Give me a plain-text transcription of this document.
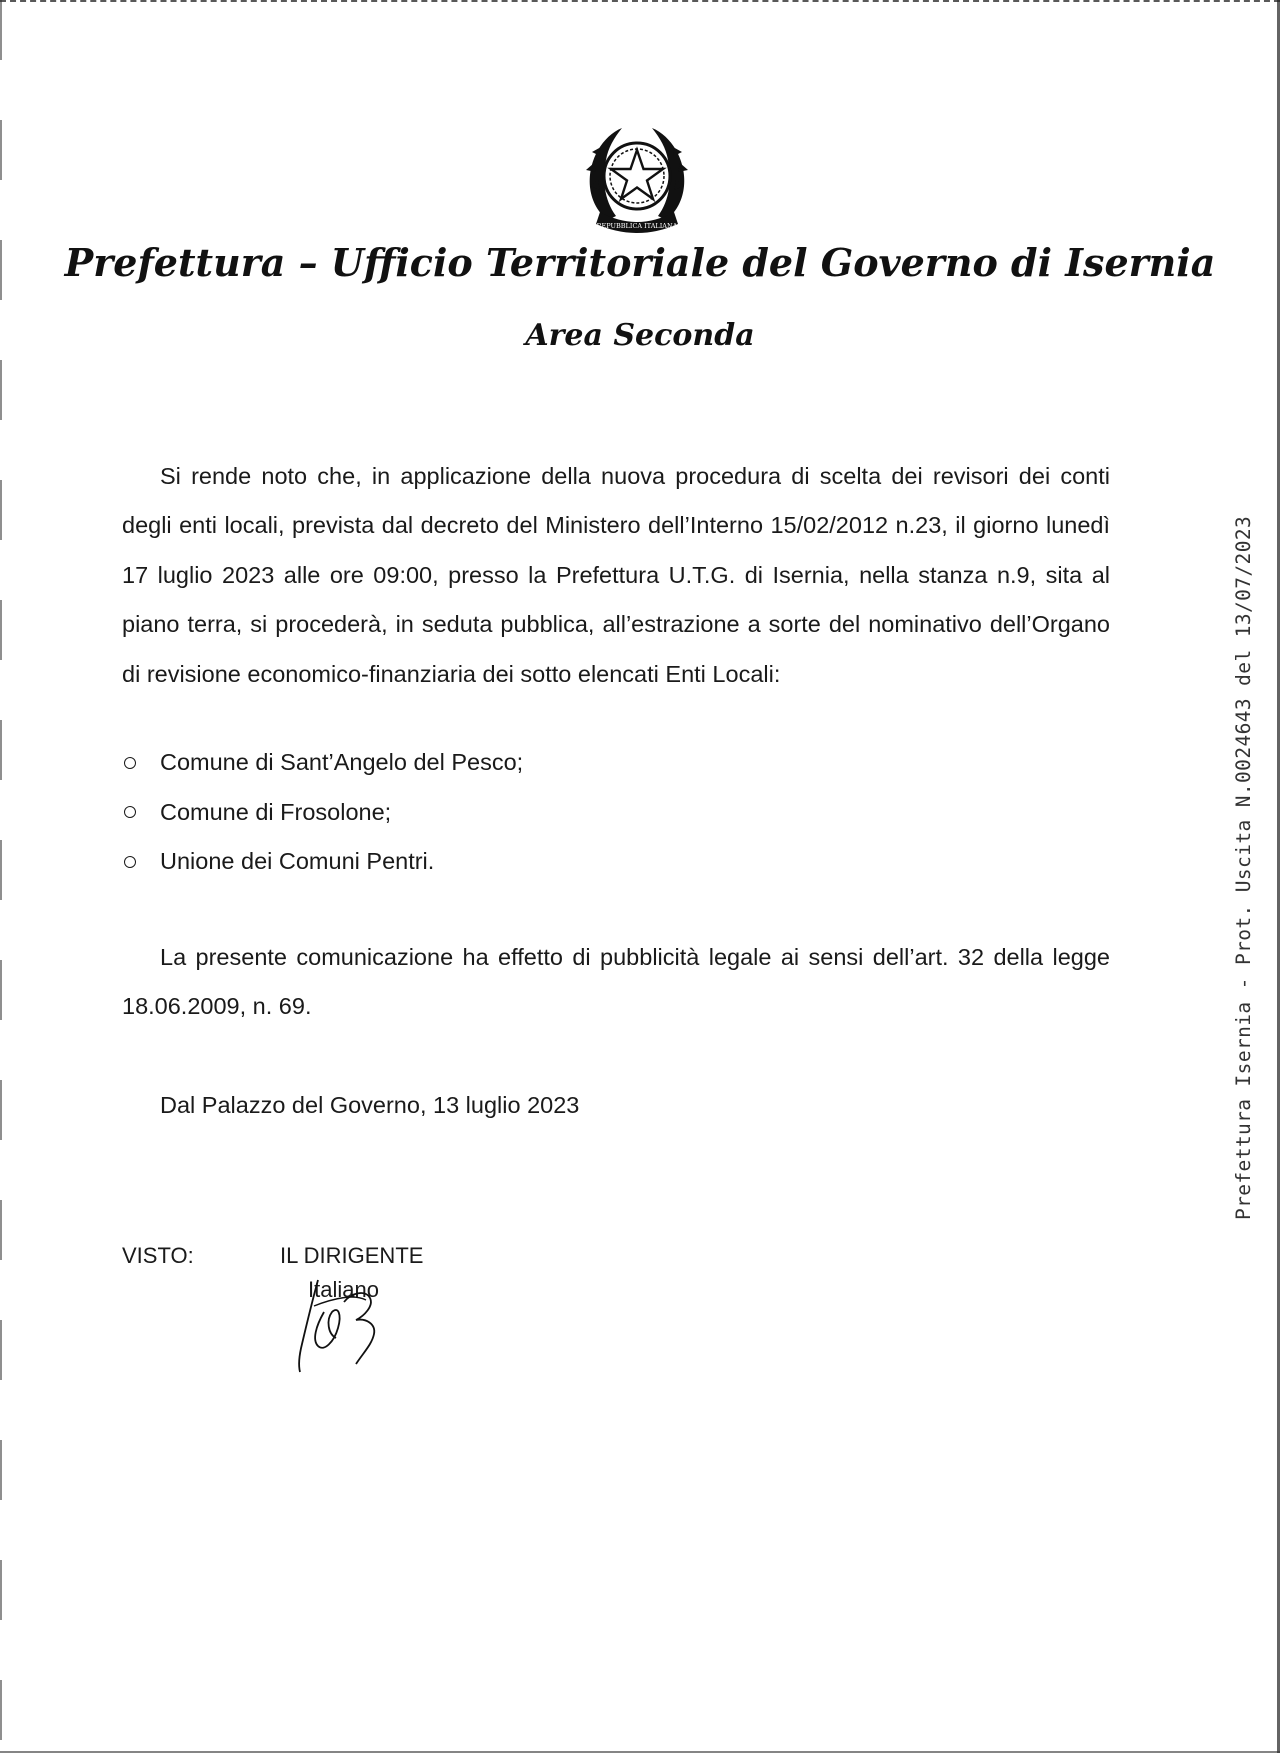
REPUBBLICA ITALIANA
Prefettura – Ufficio Territoriale del Governo di Isernia
Area Seconda

Si rende noto che, in applicazione della nuova procedura di scelta dei revisori dei conti degli enti locali, prevista dal decreto del Ministero dell’Interno 15/02/2012 n.23, il giorno lunedì 17 luglio 2023 alle ore 09:00, presso la Prefettura U.T.G. di Isernia, nella stanza n.9, sita al piano terra, si procederà, in seduta pubblica, all’estrazione a sorte del nominativo dell’Organo di revisione economico-finanziaria dei sotto elencati Enti Locali:

Comune di Sant’Angelo del Pesco;
Comune di Frosolone;
Unione dei Comuni Pentri.

La presente comunicazione ha effetto di pubblicità legale ai sensi dell’art. 32 della legge 18.06.2009, n. 69.

Dal Palazzo del Governo, 13 luglio 2023
VISTO:	IL DIRIGENTE
Italiano
Prefettura Isernia - Prot. Uscita N.0024643 del 13/07/2023
